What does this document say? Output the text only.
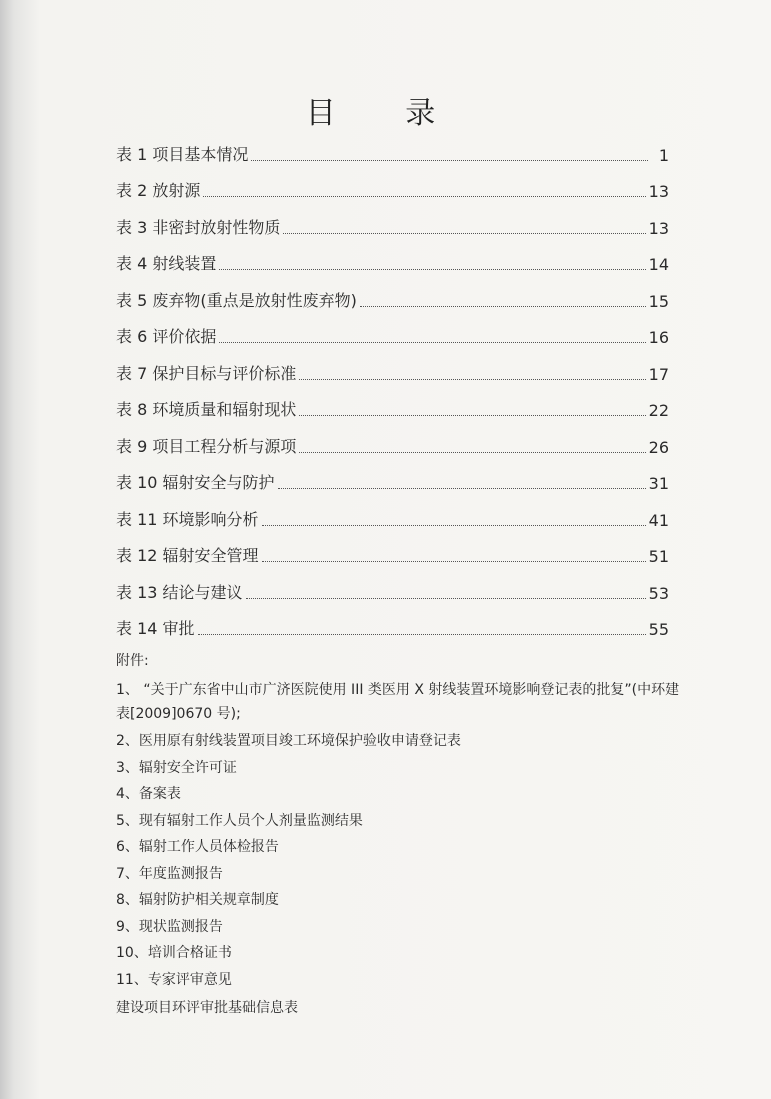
目 录
表 1 项目基本情况	1
表 2 放射源	13
表 3 非密封放射性物质	13
表 4 射线装置	14
表 5 废弃物(重点是放射性废弃物)	15
表 6 评价依据	16
表 7 保护目标与评价标准	17
表 8 环境质量和辐射现状	22
表 9 项目工程分析与源项	26
表 10 辐射安全与防护	31
表 11 环境影响分析	41
表 12 辐射安全管理	51
表 13 结论与建议	53
表 14 审批	55
附件:
1、 “关于广东省中山市广济医院使用 III 类医用 X 射线装置环境影响登记表的批复”(中环建表[2009]0670 号);
2、医用原有射线装置项目竣工环境保护验收申请登记表
3、辐射安全许可证
4、备案表
5、现有辐射工作人员个人剂量监测结果
6、辐射工作人员体检报告
7、年度监测报告
8、辐射防护相关规章制度
9、现状监测报告
10、培训合格证书
11、专家评审意见
建设项目环评审批基础信息表
